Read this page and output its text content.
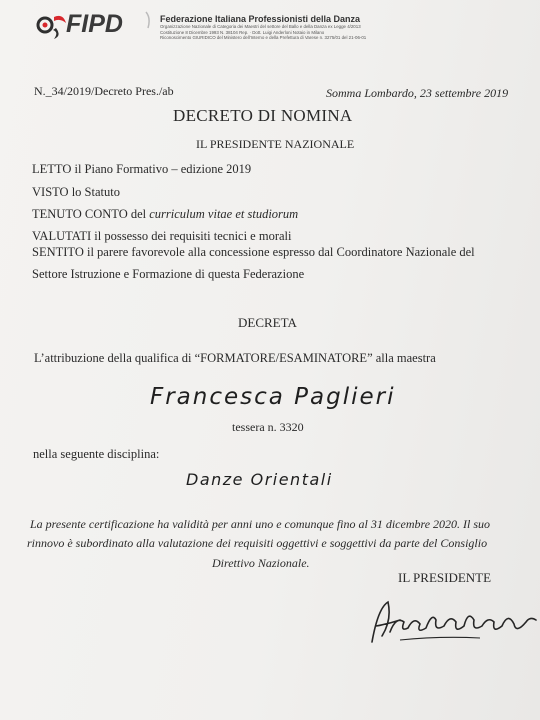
FIPD	Federazione Italiana Professionisti della Danza
Organizzazione Nazionale di Categoria dei Maestri del settore del Ballo e della Danza ex Legge 4/2013
Costituzione 8 Dicembre 1993 N. 38104 Rep. · Dott. Luigi Anderloni Notaio in Milano
Riconoscimento GIURIDICO del Ministero dell'Interno e della Prefettura di Varese n. 3275/01 del 21-06-01
N._34/2019/Decreto Pres./ab	Somma Lombardo, 23 settembre 2019
DECRETO DI NOMINA
IL PRESIDENTE NAZIONALE
LETTO il Piano Formativo – edizione 2019
VISTO lo Statuto
TENUTO CONTO del curriculum vitae et studiorum
VALUTATI il possesso dei requisiti tecnici e morali
SENTITO il parere favorevole alla concessione espresso dal Coordinatore Nazionale del
Settore Istruzione e Formazione di questa Federazione
DECRETA
L’attribuzione della qualifica di “FORMATORE/ESAMINATORE” alla maestra
Francesca Paglieri
tessera n. 3320
nella seguente disciplina:
Danze Orientali
La presente certificazione ha validità per anni uno e comunque fino al 31 dicembre 2020. Il suo
rinnovo è subordinato alla valutazione dei requisiti oggettivi e soggettivi da parte del Consiglio
Direttivo Nazionale.
IL PRESIDENTE
